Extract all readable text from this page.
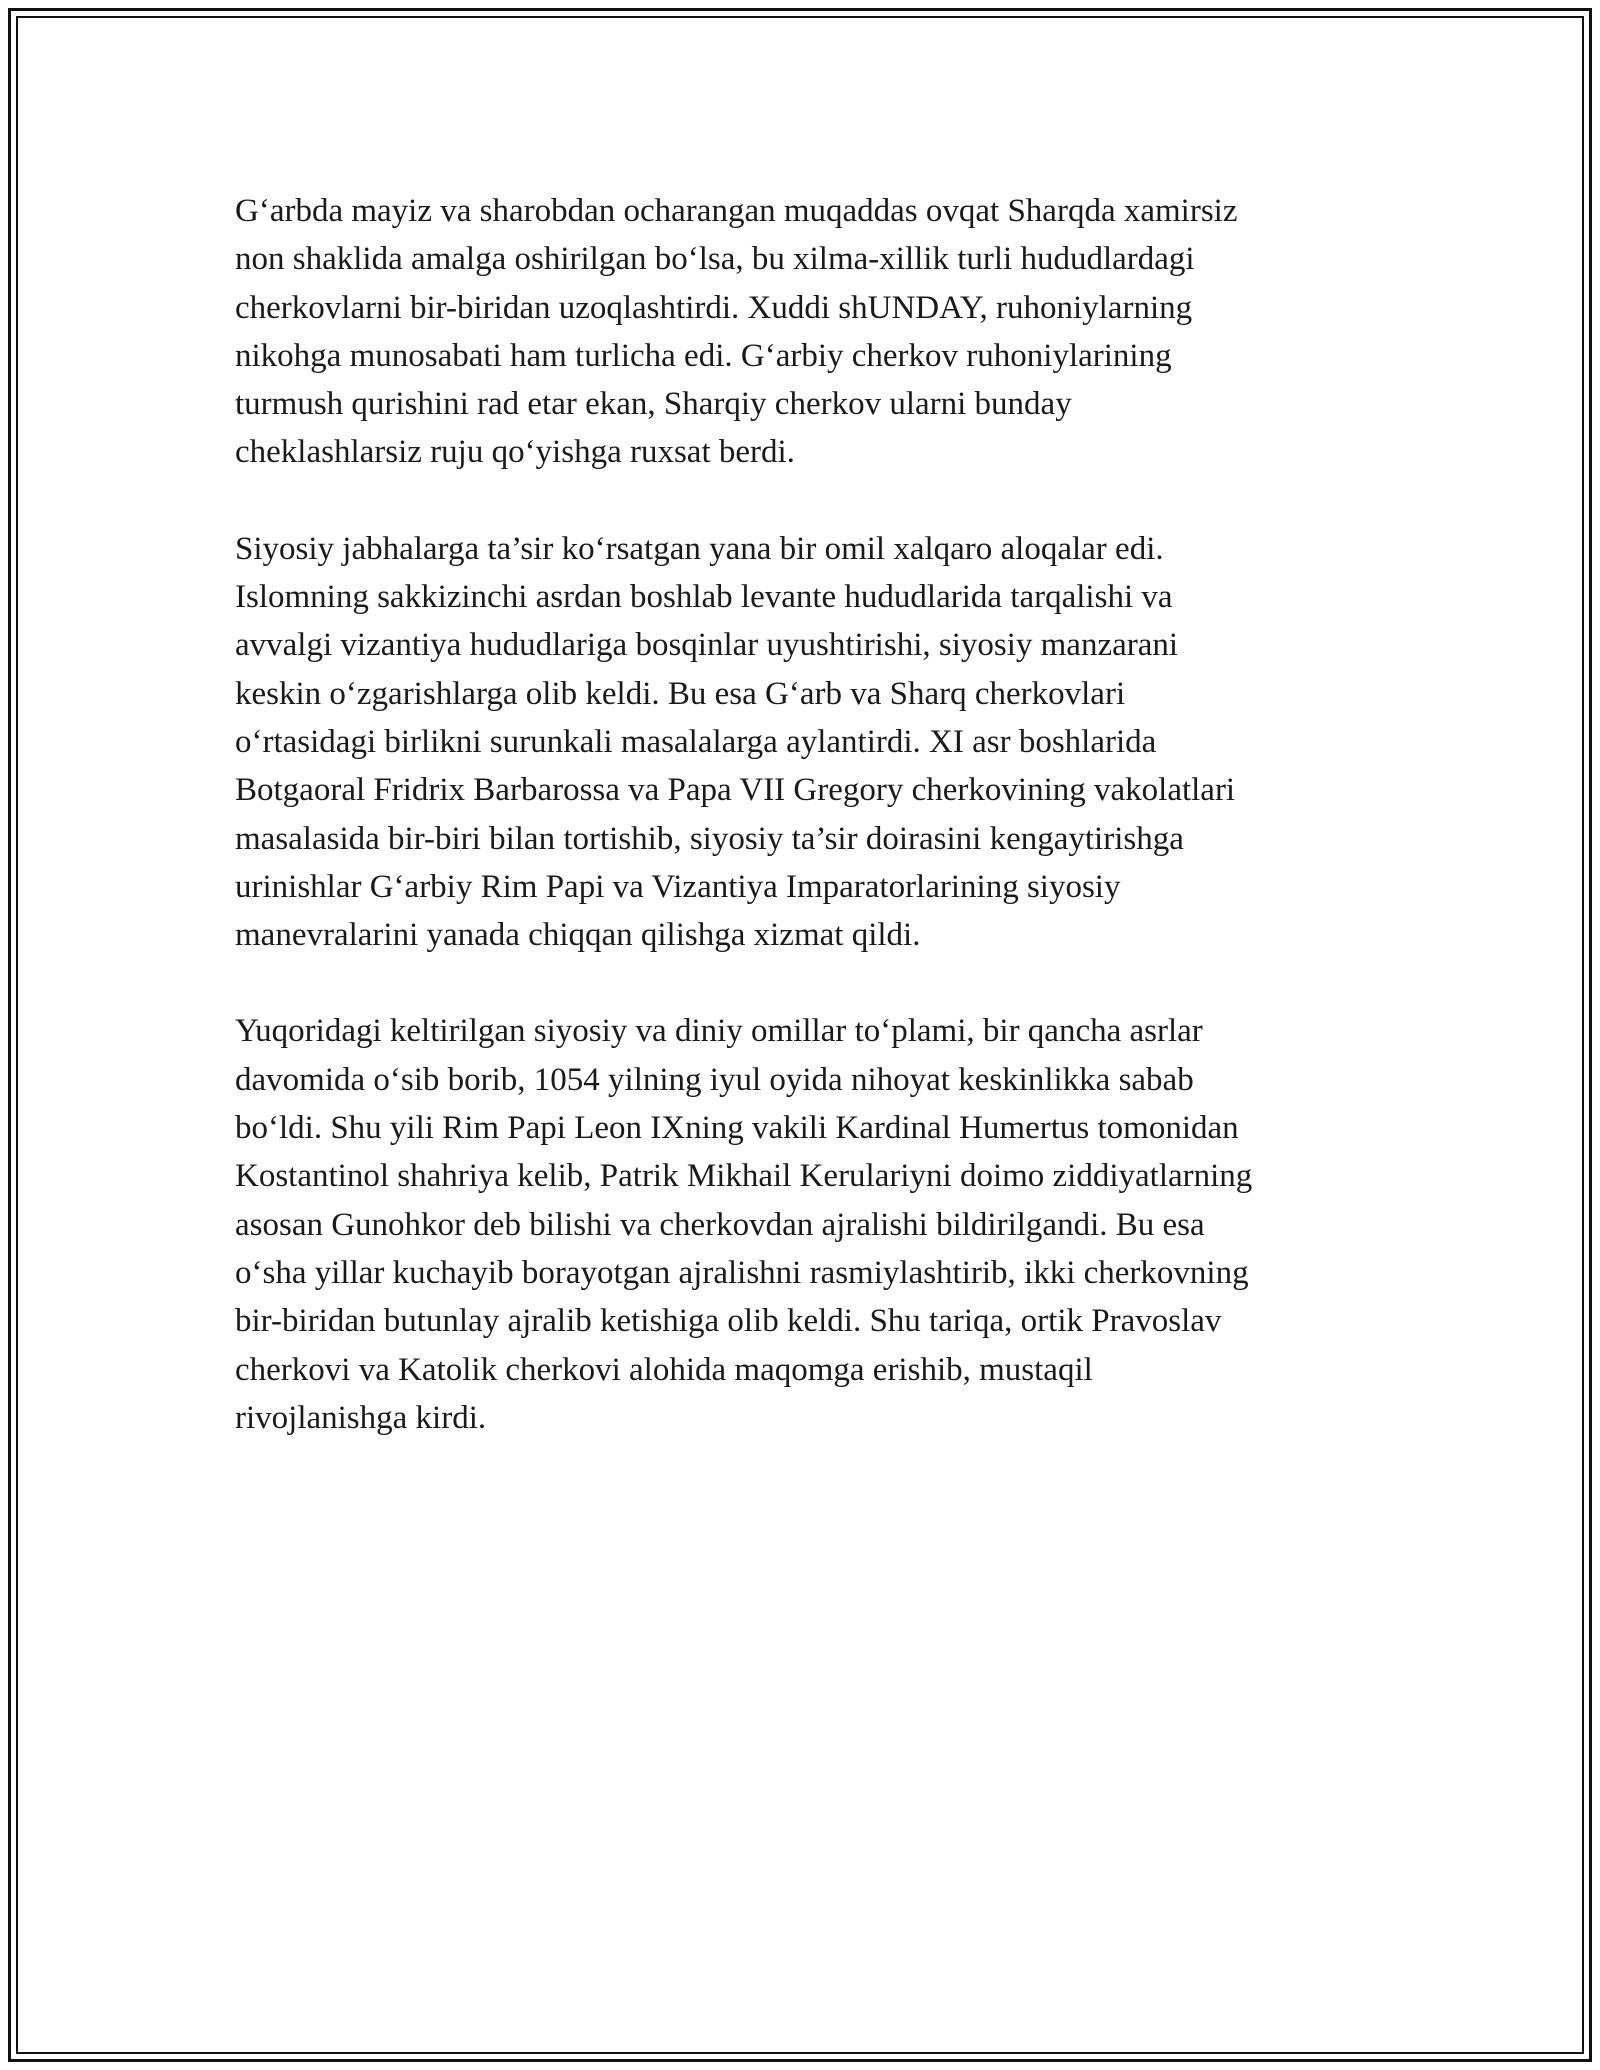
G‘arbda mayiz va sharobdan ocharangan muqaddas ovqat Sharqda xamirsiz
non shaklida amalga oshirilgan bo‘lsa, bu xilma-xillik turli hududlardagi
cherkovlarni bir-biridan uzoqlashtirdi. Xuddi shUNDAY, ruhoniylarning
nikohga munosabati ham turlicha edi. G‘arbiy cherkov ruhoniylarining
turmush qurishini rad etar ekan, Sharqiy cherkov ularni bunday
cheklashlarsiz ruju qo‘yishga ruxsat berdi.

Siyosiy jabhalarga ta’sir ko‘rsatgan yana bir omil xalqaro aloqalar edi.
Islomning sakkizinchi asrdan boshlab levante hududlarida tarqalishi va
avvalgi vizantiya hududlariga bosqinlar uyushtirishi, siyosiy manzarani
keskin o‘zgarishlarga olib keldi. Bu esa G‘arb va Sharq cherkovlari
o‘rtasidagi birlikni surunkali masalalarga aylantirdi. XI asr boshlarida
Botgaoral Fridrix Barbarossa va Papa VII Gregory cherkovining vakolatlari
masalasida bir-biri bilan tortishib, siyosiy ta’sir doirasini kengaytirishga
urinishlar G‘arbiy Rim Papi va Vizantiya Imparatorlarining siyosiy
manevralarini yanada chiqqan qilishga xizmat qildi.

Yuqoridagi keltirilgan siyosiy va diniy omillar to‘plami, bir qancha asrlar
davomida o‘sib borib, 1054 yilning iyul oyida nihoyat keskinlikka sabab
bo‘ldi. Shu yili Rim Papi Leon IXning vakili Kardinal Humertus tomonidan
Kostantinol shahriya kelib, Patrik Mikhail Kerulariyni doimo ziddiyatlarning
asosan Gunohkor deb bilishi va cherkovdan ajralishi bildirilgandi. Bu esa
o‘sha yillar kuchayib borayotgan ajralishni rasmiylashtirib, ikki cherkovning
bir-biridan butunlay ajralib ketishiga olib keldi. Shu tariqa, ortik Pravoslav
cherkovi va Katolik cherkovi alohida maqomga erishib, mustaqil
rivojlanishga kirdi.
